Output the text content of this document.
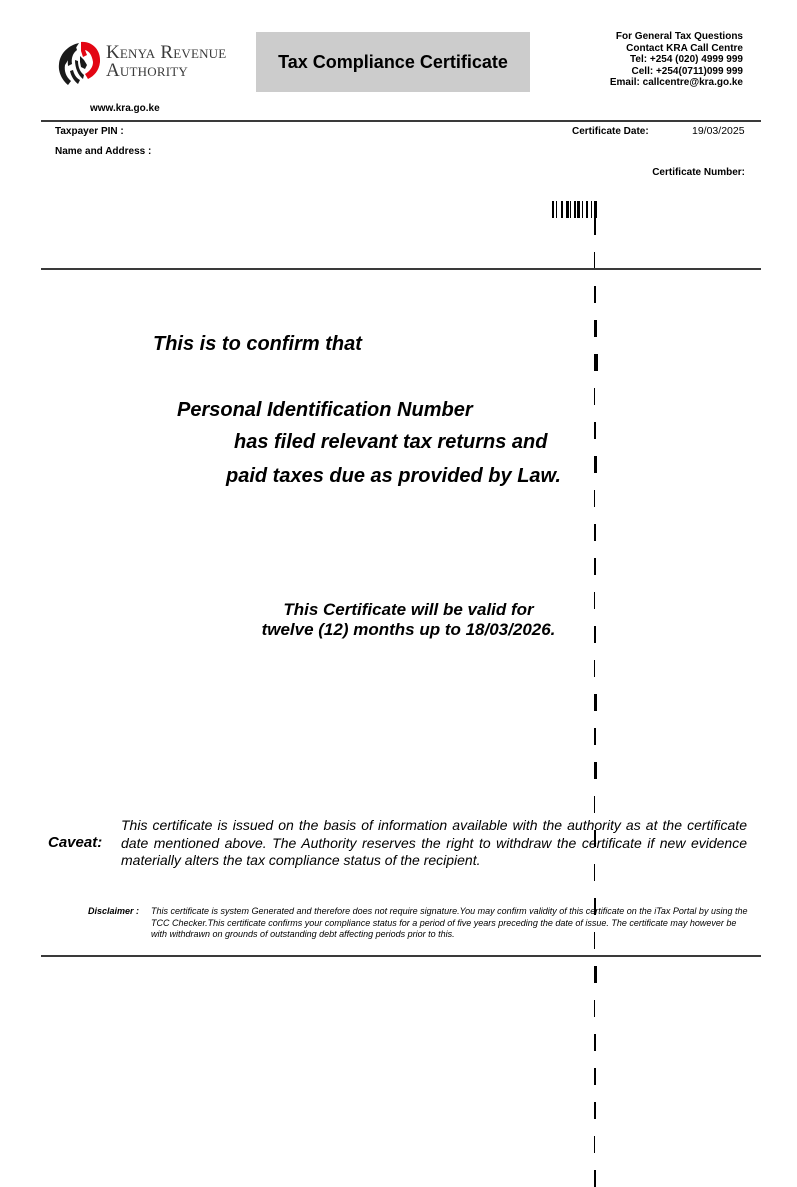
Kenya Revenue
Authority
www.kra.go.ke
Tax Compliance Certificate
For General Tax Questions
Contact KRA Call Centre
Tel: +254 (020) 4999 999
Cell: +254(0711)099 999
Email: callcentre@kra.go.ke
Taxpayer PIN :
Name and Address :
Certificate Date:	19/03/2025
Certificate Number:
This is to confirm that
Personal Identification Number
has filed relevant tax returns and
paid taxes due as provided by Law.
This Certificate will be valid for
twelve (12) months up to 18/03/2026.
Caveat:
This certificate is issued on the basis of information available with the authority as at the certificate date mentioned above. The Authority reserves the right to withdraw the certificate if new evidence materially alters the tax compliance status of the recipient.
Disclaimer : This certificate is system Generated and therefore does not require signature.You may confirm validity of this certificate on the iTax Portal by using the TCC Checker.This certificate confirms your compliance status for a period of five years preceding the date of issue. The certificate may however be with withdrawn on grounds of outstanding debt affecting periods prior to this.
